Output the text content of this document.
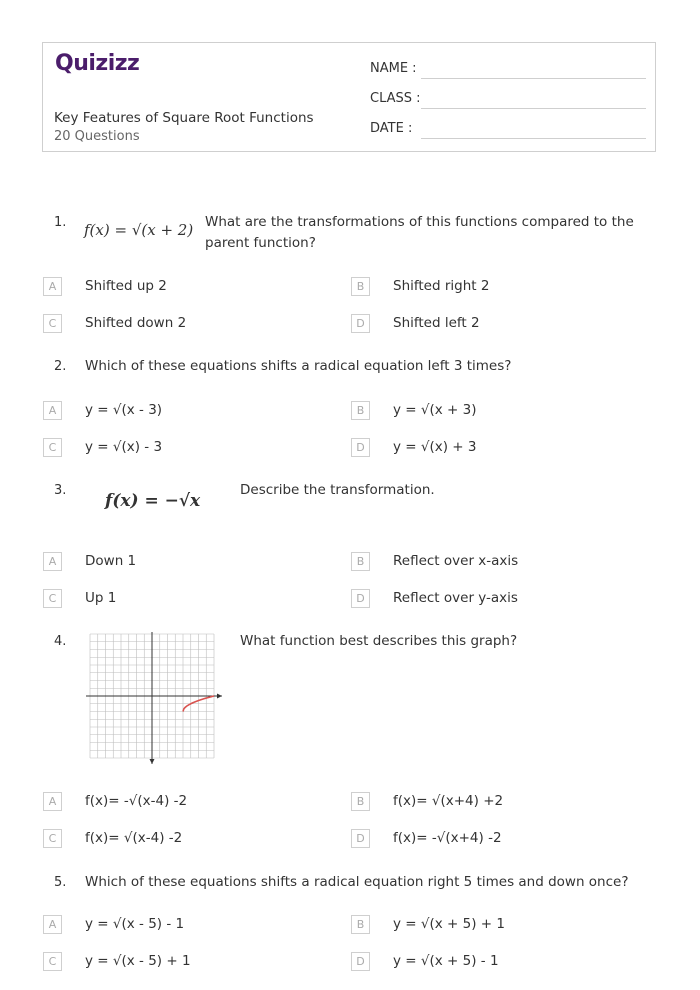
Quizizz
Key Features of Square Root Functions
20 Questions
NAME :
CLASS :
DATE :
1. f(x) = √(x + 2) What are the transformations of this functions compared to the parent function?
A	Shifted up 2	B	Shifted right 2
C	Shifted down 2	D	Shifted left 2
2. Which of these equations shifts a radical equation left 3 times?
A	y = √(x - 3)	B	y = √(x + 3)
C	y = √(x) - 3	D	y = √(x) + 3
3.
f(x) = −√x
Describe the transformation.
A	Down 1	B	Reflect over x-axis
C	Up 1	D	Reflect over y-axis
4.	What function best describes this graph?
A	f(x)= -√(x-4) -2	B	f(x)= √(x+4) +2
C	f(x)= √(x-4) -2	D	f(x)= -√(x+4) -2
5. Which of these equations shifts a radical equation right 5 times and down once?
A	y = √(x - 5) - 1	B	y = √(x + 5) + 1
C	y = √(x - 5) + 1	D	y = √(x + 5) - 1
